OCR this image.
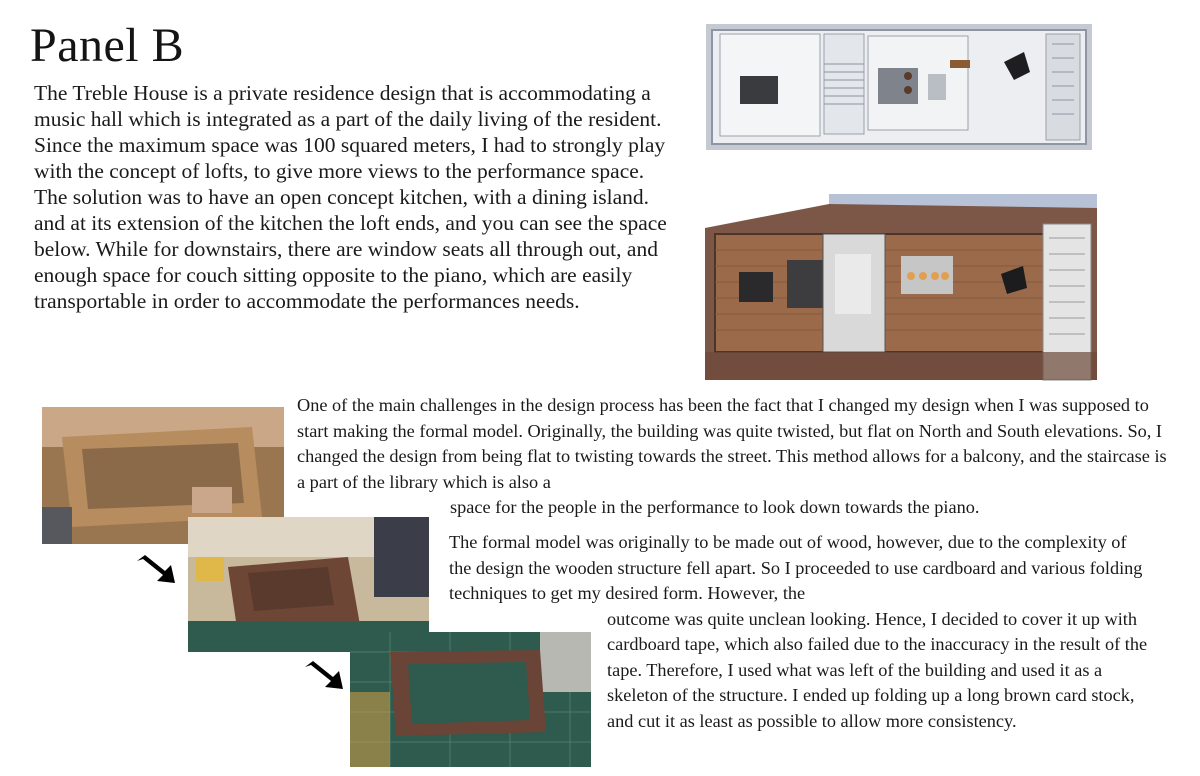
Panel B

The Treble House is a private residence design that is accommodating a music hall which is integrated as a part of the daily living of the resident. Since the maximum space was 100 squared meters, I had to strongly play with the concept of lofts, to give more views to the performance space. The solution was to have an open concept kitchen, with a dining island. and at its extension of the kitchen the loft ends, and you can see the space below. While for downstairs, there are window seats all through out, and enough space for couch sitting opposite to the piano, which are easily transportable in order to accommodate the performances needs.

One of the main challenges in the design process has been the fact that I changed my design when I was supposed to start making the formal model. Originally, the building was quite twisted, but flat on North and South elevations. So, I changed the design from being flat to twisting towards the street. This method allows for a balcony, and the staircase is a part of the library which is also a
space for the people in the performance to look down towards the piano.

The formal model was originally to be made out of wood, however, due to the complexity of the design the wooden structure fell apart. So I proceeded to use cardboard and various folding techniques to get my desired form. However, the
outcome was quite unclean looking. Hence, I decided to cover it up with cardboard tape, which also failed due to the inaccuracy in the result of the tape. Therefore, I used what was left of the building and used it as a skeleton of the structure. I ended up folding up a long brown card stock, and cut it as least as possible to allow more consistency.
